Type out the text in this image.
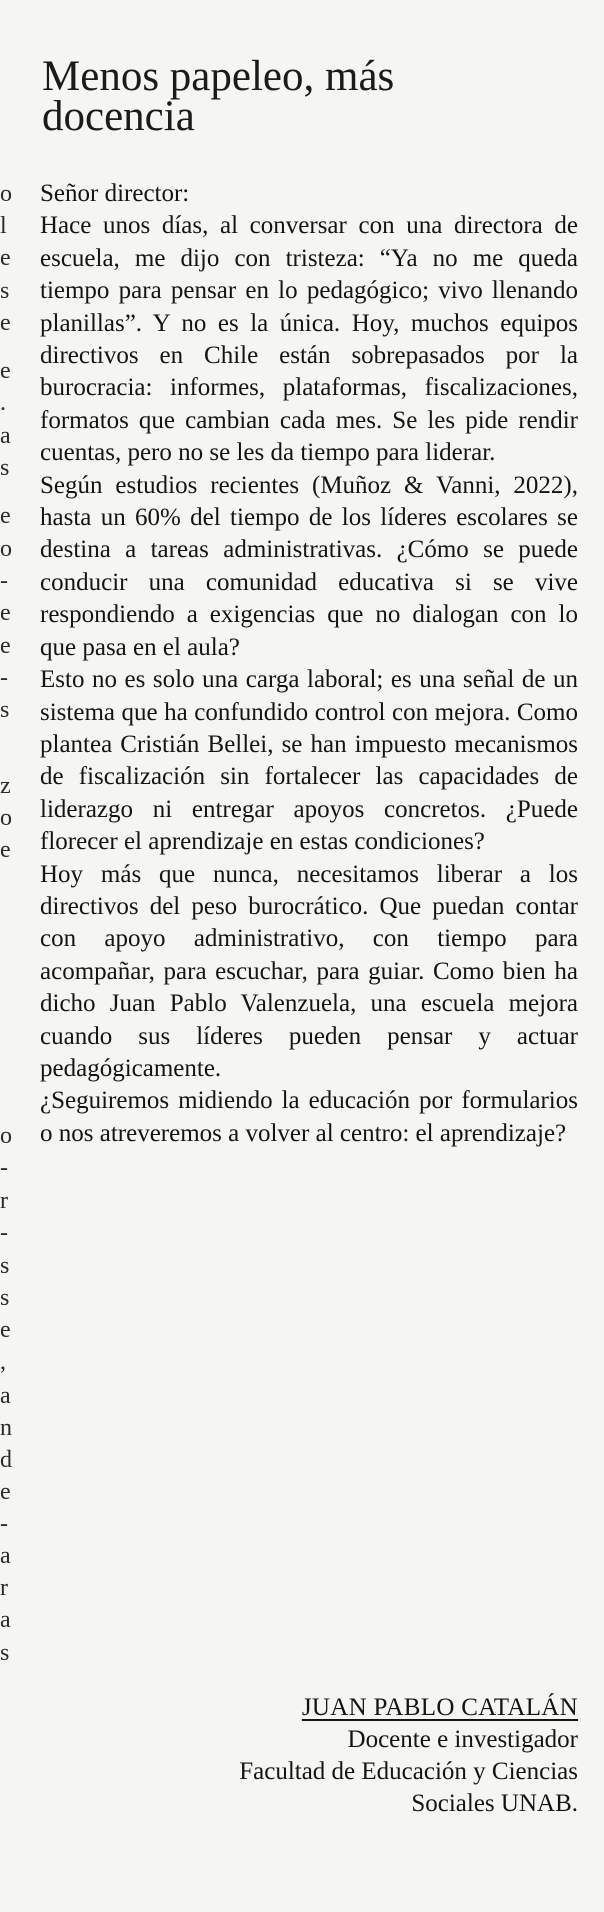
Menos papeleo, más
docencia

Señor director:

Hace unos días, al conversar con una directora de escuela, me dijo con tristeza: “Ya no me queda tiempo para pensar en lo pedagógico; vivo llenando planillas”. Y no es la única. Hoy, muchos equipos directivos en Chile están sobrepasados por la burocracia: informes, plataformas, fiscalizaciones, formatos que cambian cada mes. Se les pide rendir cuentas, pero no se les da tiempo para liderar.

Según estudios recientes (Muñoz & Vanni, 2022), hasta un 60% del tiempo de los líderes escolares se destina a tareas administrativas. ¿Cómo se puede conducir una comunidad educativa si se vive respondiendo a exigencias que no dialogan con lo que pasa en el aula?

Esto no es solo una carga laboral; es una señal de un sistema que ha confundido control con mejora. Como plantea Cristián Bellei, se han impuesto mecanismos de fiscalización sin fortalecer las capacidades de liderazgo ni entregar apoyos concretos. ¿Puede florecer el aprendizaje en estas condiciones?

Hoy más que nunca, necesitamos liberar a los directivos del peso burocrático. Que puedan contar con apoyo administrativo, con tiempo para acompañar, para escuchar, para guiar. Como bien ha dicho Juan Pablo Valenzuela, una escuela mejora cuando sus líderes pueden pensar y actuar pedagógicamente.

¿Seguiremos midiendo la educación por formularios o nos atreveremos a volver al centro: el aprendizaje?

JUAN PABLO CATALÁN
Docente e investigador
Facultad de Educación y Ciencias
Sociales UNAB.
o
l
e
s
e
e
.
a
s
e
o
-
e
e
-
s
z
o
e
o
-
r
-
s
s
e
,
a
n
d
e
-
a
r
a
s
